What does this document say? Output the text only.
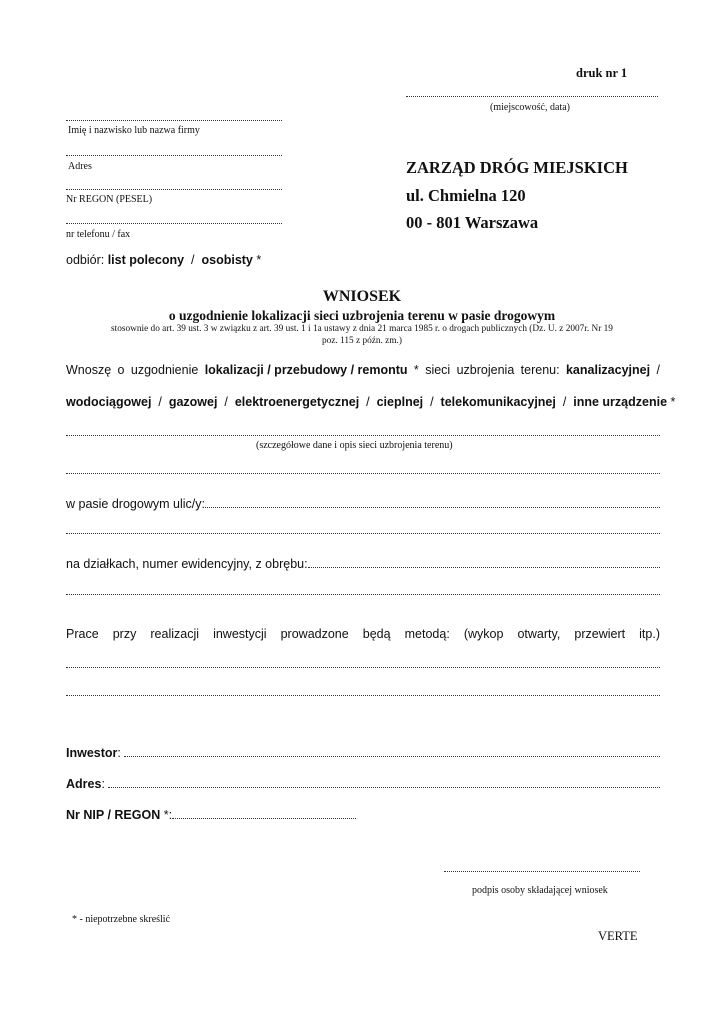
druk nr 1
(miejscowość, data)
Imię i nazwisko lub nazwa firmy
Adres
Nr REGON (PESEL)
nr telefonu / fax
odbiór: list polecony  /  osobisty *
ZARZĄD DRÓG MIEJSKICH
ul. Chmielna 120
00 - 801 Warszawa
WNIOSEK
o uzgodnienie lokalizacji sieci uzbrojenia terenu w pasie drogowym
stosownie do art. 39 ust. 3 w związku z art. 39 ust. 1 i 1a ustawy z dnia 21 marca 1985 r. o drogach publicznych (Dz. U. z 2007r. Nr 19
poz. 115 z późn. zm.)
Wnoszę o uzgodnienie lokalizacji / przebudowy / remontu * sieci uzbrojenia terenu: kanalizacyjnej /
wodociągowej / gazowej / elektroenergetycznej / cieplnej / telekomunikacyjnej / inne urządzenie *
(szczegółowe dane i opis sieci uzbrojenia terenu)
w pasie drogowym ulic/y:
na działkach, numer ewidencyjny, z obrębu:
Prace przy realizacji inwestycji prowadzone będą metodą: (wykop otwarty, przewiert itp.)
Inwestor :

Adres :

Nr NIP / REGON * :
podpis osoby składającej wniosek
* - niepotrzebne skreślić
VERTE
